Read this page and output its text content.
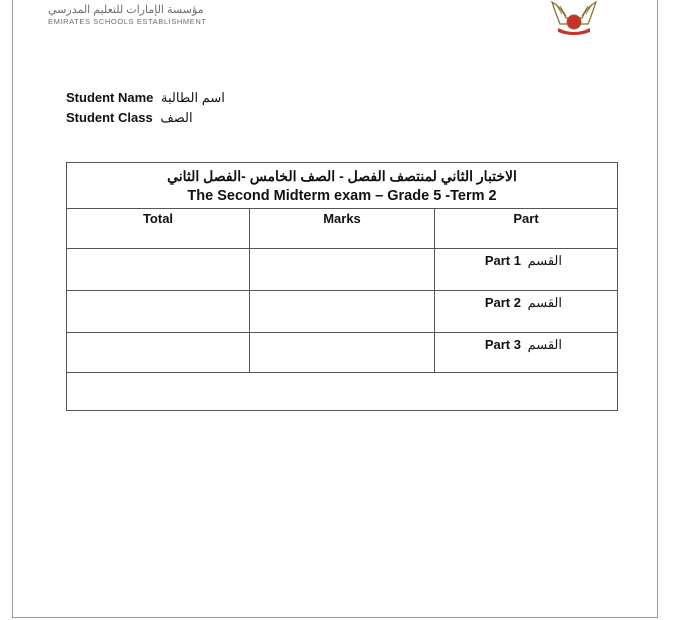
مؤسسة الإمارات للتعليم المدرسي
EMIRATES SCHOOLS ESTABLISHMENT
Student Name اسم الطالبة
Student Class الصف
الاختبار الثاني لمنتصف الفصل - الصف الخامس -الفصل الثاني
The Second Midterm exam – Grade 5 -Term 2		

Total	Marks	Part
		Part 1 القسم
		Part 2 القسم
		Part 3 القسم
